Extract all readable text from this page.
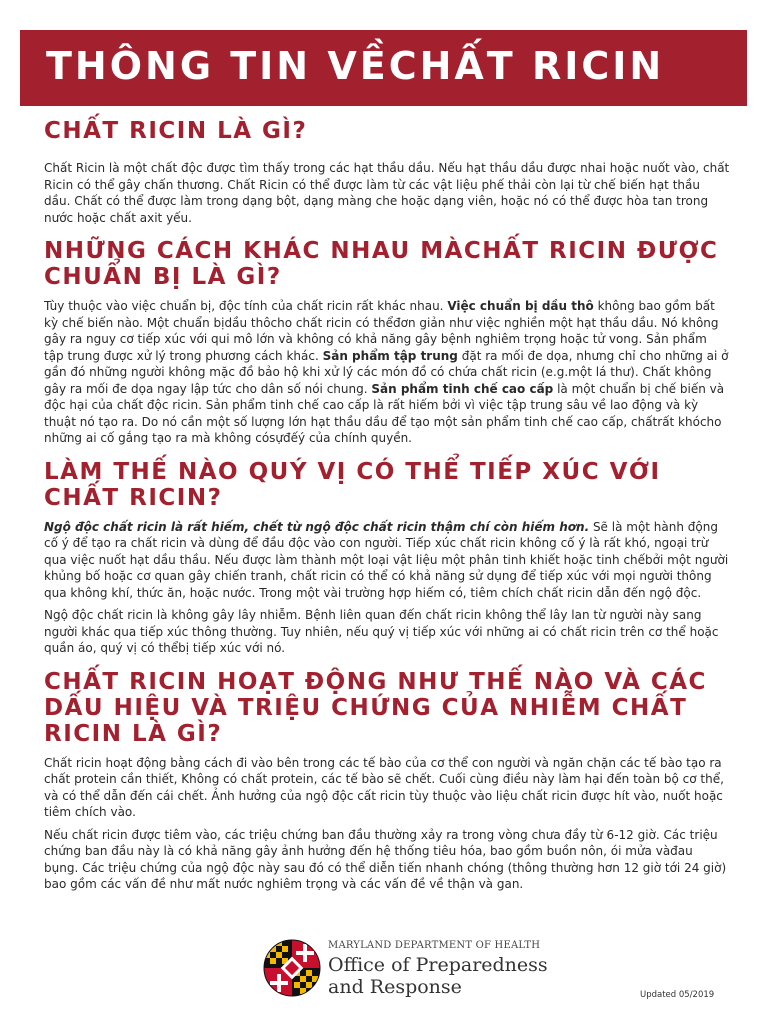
THÔNG TIN VỀCHẤT RICIN
CHẤT RICIN LÀ GÌ?

Chất Ricin là một chất độc được tìm thấy trong các hạt thầu dầu. Nếu hạt thầu dầu được nhai hoặc nuốt vào, chất Ricin có thể gây chấn thương. Chất Ricin có thể được làm từ các vật liệu phế thải còn lại từ chế biến hạt thầu dầu. Chất có thể được làm trong dạng bột, dạng màng che hoặc dạng viên, hoặc nó có thể được hòa tan trong nước hoặc chất axit yếu.

NHỮNG CÁCH KHÁC NHAU MÀCHẤT RICIN ĐƯỢC CHUẨN BỊ LÀ GÌ?

Tùy thuộc vào việc chuẩn bị, độc tính của chất ricin rất khác nhau. Việc chuẩn bị dầu thô không bao gồm bất kỳ chế biến nào. Một chuẩn bịdầu thôcho chất ricin có thểđơn giản như việc nghiền một hạt thầu dầu. Nó không gây ra nguy cơ tiếp xúc với qui mô lớn và không có khả năng gây bệnh nghiêm trọng hoặc tử vong. Sản phẩm tập trung được xử lý trong phương cách khác. Sản phẩm tập trung đặt ra mối đe dọa, nhưng chỉ cho những ai ở gần đó những người không mặc đồ bảo hộ khi xử lý các món đồ có chứa chất ricin (e.g.một lá thư). Chất không gây ra mối đe dọa ngay lập tức cho dân số nói chung. Sản phẩm tinh chế cao cấp là một chuẩn bị chế biến và độc hại của chất độc ricin. Sản phẩm tinh chế cao cấp là rất hiếm bởi vì việc tập trung sâu về lao động và kỳ thuật nó tạo ra. Do nó cần một số lượng lớn hạt thầu dầu để tạo một sản phẩm tinh chế cao cấp, chấtrất khócho những ai cố gắng tạo ra mà không cósựđếý của chính quyền.

LÀM THẾ NÀO QUÝ VỊ CÓ THỂ TIẾP XÚC VỚI CHẤT RICIN?

Ngộ độc chất ricin là rất hiếm, chết từ ngộ độc chất ricin thậm chí còn hiếm hơn. Sẽ là một hành động cố ý để tạo ra chất ricin và dùng để đầu độc vào con người. Tiếp xúc chất ricin không cố ý là rất khó, ngoại trừ qua việc nuốt hạt dầu thầu. Nếu được làm thành một loại vật liệu một phân tinh khiết hoặc tinh chếbởi một người khủng bố hoặc cơ quan gây chiến tranh, chất ricin có thể có khả năng sử dụng để tiếp xúc với mọi người thông qua không khí, thức ăn, hoặc nước. Trong một vài trường hợp hiếm có, tiêm chích chất ricin dẫn đến ngộ độc.

Ngộ độc chất ricin là không gây lây nhiễm. Bệnh liên quan đến chất ricin không thể lây lan từ người này sang người khác qua tiếp xúc thông thường. Tuy nhiên, nếu quý vị tiếp xúc với những ai có chất ricin trên cơ thể hoặc quần áo, quý vị có thểbị tiếp xúc với nó.

CHẤT RICIN HOẠT ĐỘNG NHƯ THẾ NÀO VÀ CÁC DẤU HIỆU VÀ TRIỆU CHỨNG CỦA NHIỄM CHẤT RICIN LÀ GÌ?

Chất ricin hoạt động bằng cách đi vào bên trong các tế bào của cơ thể con người và ngăn chặn các tế bào tạo ra chất protein cần thiết, Không có chất protein, các tế bào sẽ chết. Cuối cùng điều này làm hại đến toàn bộ cơ thể, và có thể dẫn đến cái chết. Ảnh hưởng của ngộ độc cất ricin tùy thuộc vào liệu chất ricin được hít vào, nuốt hoặc tiêm chích vào.

Nếu chất ricin được tiêm vào, các triệu chứng ban đầu thường xảy ra trong vòng chưa đầy từ 6-12 giờ. Các triệu chứng ban đầu này là có khả năng gây ảnh hưởng đến hệ thống tiêu hóa, bao gồm buồn nôn, ói mửa vàđau bụng. Các triệu chứng của ngộ độc này sau đó có thể diễn tiến nhanh chóng (thông thường hơn 12 giờ tới 24 giờ) bao gồm các vấn đề như mất nước nghiêm trọng và các vấn đề về thận và gan.

MARYLAND DEPARTMENT OF HEALTH
Office of Preparedness
and Response	Updated 05/2019
